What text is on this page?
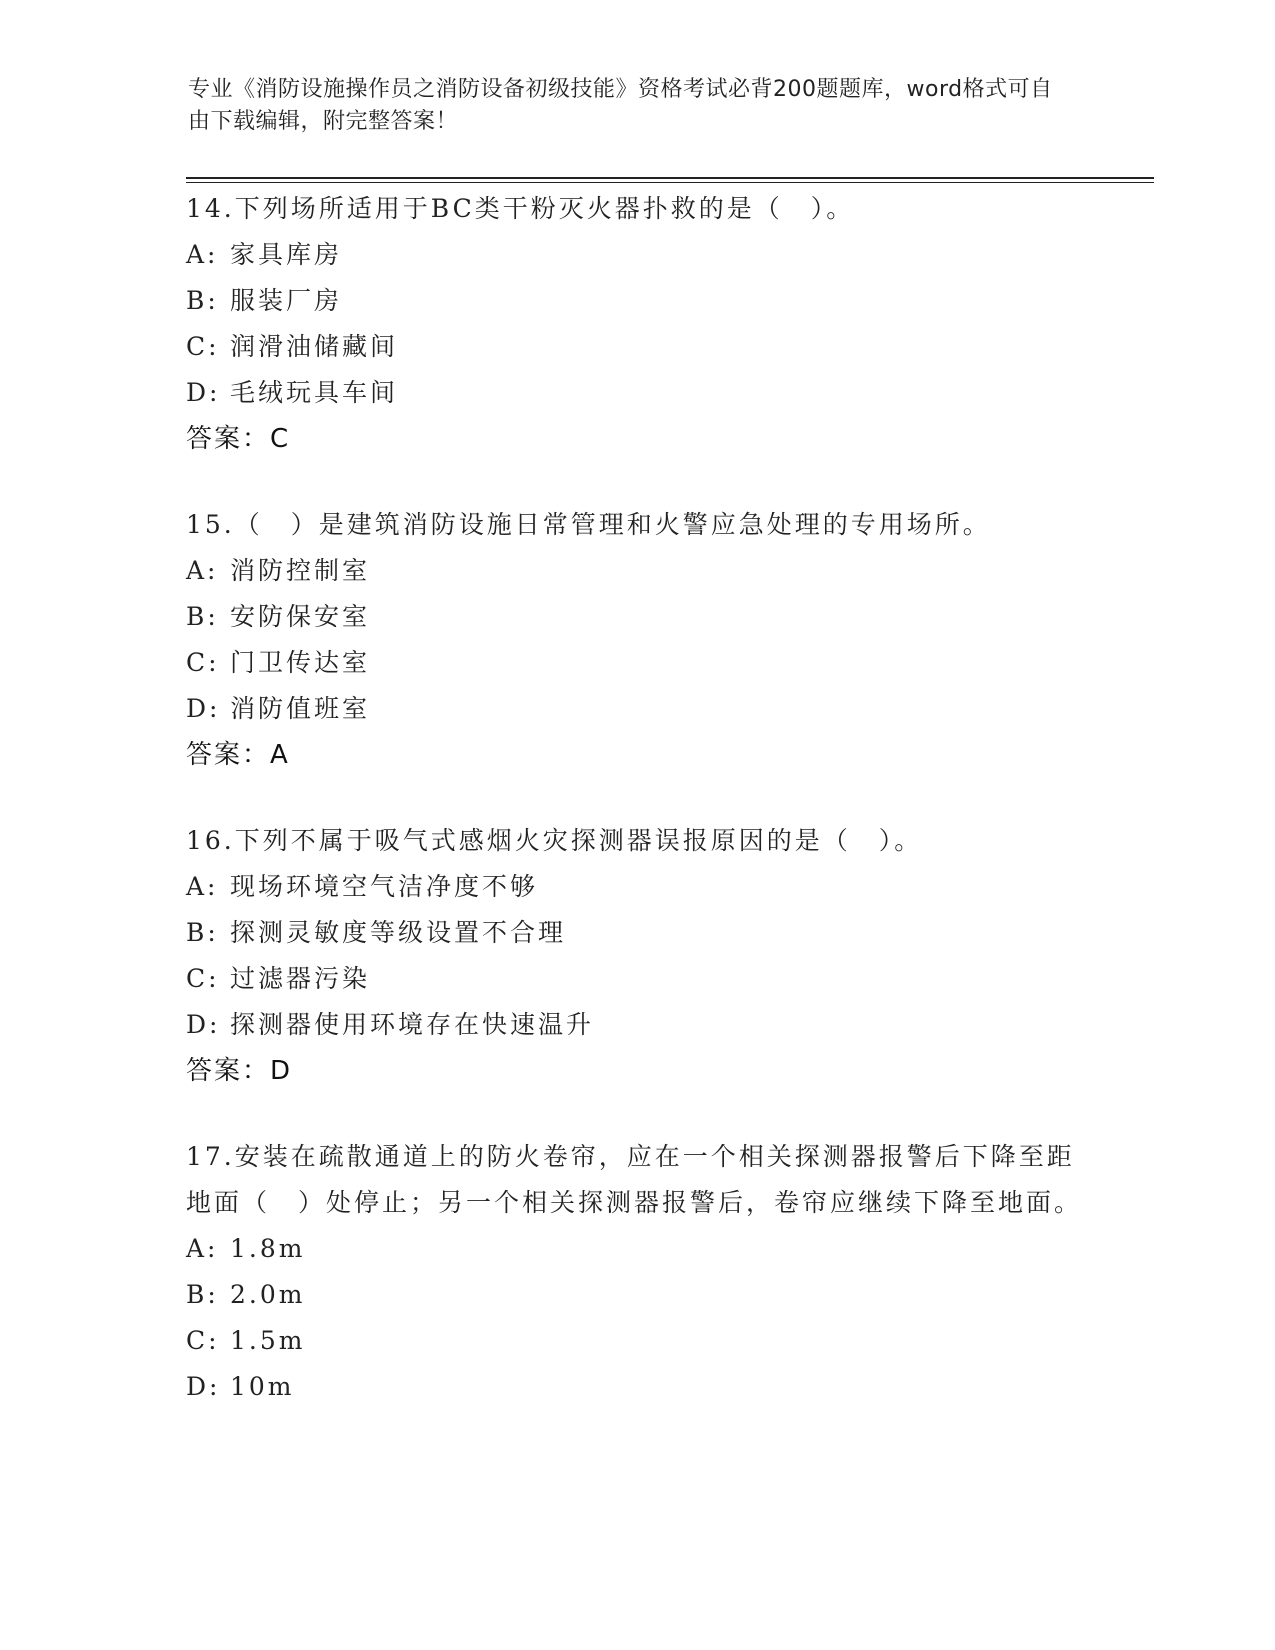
专业《消防设施操作员之消防设备初级技能》资格考试必背200题题库，word格式可自由下载编辑，附完整答案！

14.下列场所适用于BC类干粉灭火器扑救的是（　）。

A: 家具库房

B: 服装厂房

C: 润滑油储藏间

D: 毛绒玩具车间

答案：C

15.（　）是建筑消防设施日常管理和火警应急处理的专用场所。

A: 消防控制室

B: 安防保安室

C: 门卫传达室

D: 消防值班室

答案：A

16.下列不属于吸气式感烟火灾探测器误报原因的是（　）。

A: 现场环境空气洁净度不够

B: 探测灵敏度等级设置不合理

C: 过滤器污染

D: 探测器使用环境存在快速温升

答案：D

17.安装在疏散通道上的防火卷帘，应在一个相关探测器报警后下降至距地面（　）处停止；另一个相关探测器报警后，卷帘应继续下降至地面。

A: 1.8m

B: 2.0m

C: 1.5m

D: 10m
